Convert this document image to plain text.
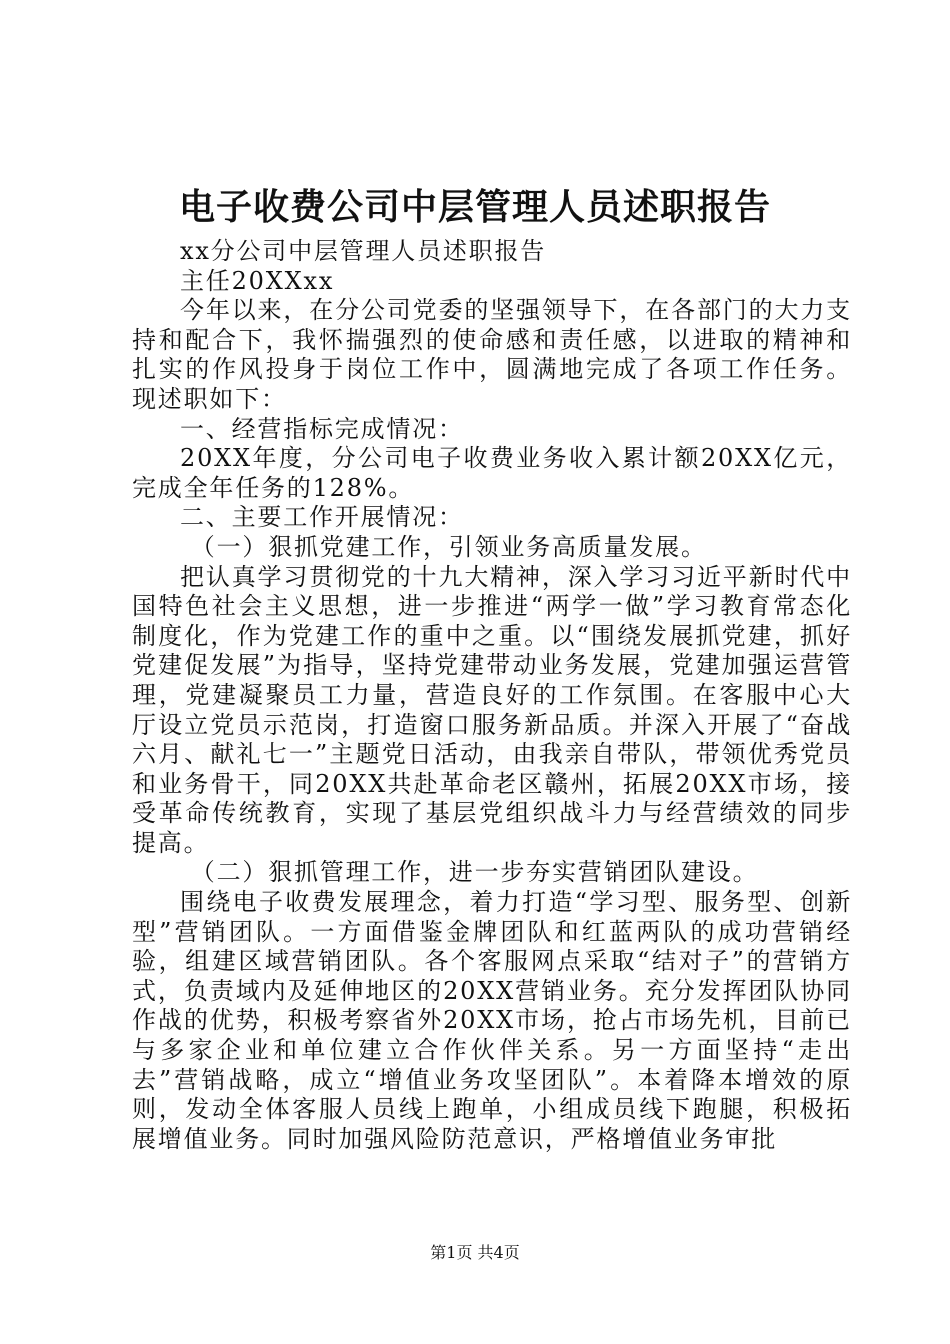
电子收费公司中层管理人员述职报告

xx分公司中层管理人员述职报告

主任20XXxx

今年以来，在分公司党委的坚强领导下，在各部门的大力支持和配合下，我怀揣强烈的使命感和责任感，以进取的精神和扎实的作风投身于岗位工作中，圆满地完成了各项工作任务。现述职如下：

一、经营指标完成情况：

20XX年度，分公司电子收费业务收入累计额20XX亿元，完成全年任务的128%。

二、主要工作开展情况：

（一）狠抓党建工作，引领业务高质量发展。

把认真学习贯彻党的十九大精神，深入学习习近平新时代中国特色社会主义思想，进一步推进“两学一做”学习教育常态化制度化，作为党建工作的重中之重。以“围绕发展抓党建，抓好党建促发展”为指导，坚持党建带动业务发展，党建加强运营管理，党建凝聚员工力量，营造良好的工作氛围。在客服中心大厅设立党员示范岗，打造窗口服务新品质。并深入开展了“奋战六月、献礼七一”主题党日活动，由我亲自带队，带领优秀党员和业务骨干，同20XX共赴革命老区赣州，拓展20XX市场，接受革命传统教育，实现了基层党组织战斗力与经营绩效的同步提高。

（二）狠抓管理工作，进一步夯实营销团队建设。

围绕电子收费发展理念，着力打造“学习型、服务型、创新型”营销团队。一方面借鉴金牌团队和红蓝两队的成功营销经验，组建区域营销团队。各个客服网点采取“结对子”的营销方式，负责域内及延伸地区的20XX营销业务。充分发挥团队协同作战的优势，积极考察省外20XX市场，抢占市场先机，目前已与多家企业和单位建立合作伙伴关系。另一方面坚持“走出去”营销战略，成立“增值业务攻坚团队”。本着降本增效的原则，发动全体客服人员线上跑单，小组成员线下跑腿，积极拓展增值业务。同时加强风险防范意识，严格增值业务审批

第1页 共4页
